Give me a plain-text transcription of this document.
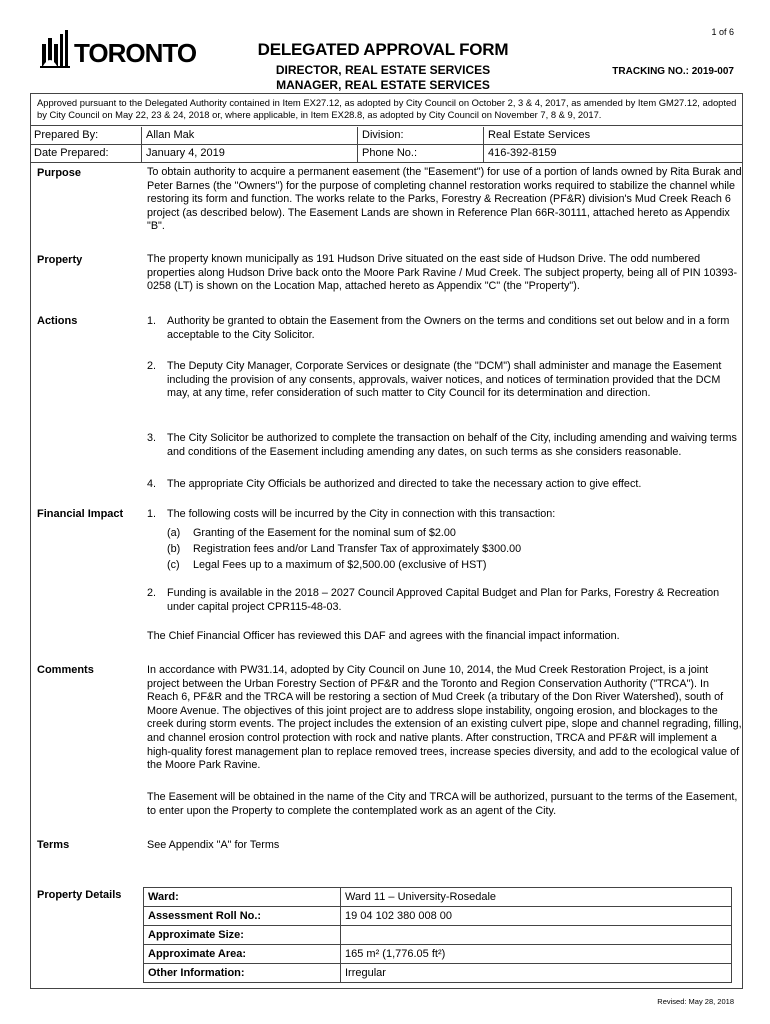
1 of 6
TORONTO	DELEGATED APPROVAL FORM
DIRECTOR, REAL ESTATE SERVICES
MANAGER, REAL ESTATE SERVICES
TRACKING NO.: 2019-007
Approved pursuant to the Delegated Authority contained in Item EX27.12, as adopted by City Council on October 2, 3 & 4, 2017, as amended by Item GM27.12, adopted by City Council on May 22, 23 & 24, 2018 or, where applicable, in Item EX28.8, as adopted by City Council on November 7, 8 & 9, 2017.
Prepared By:	Allan Mak	Division:	Real Estate Services
Date Prepared:	January 4, 2019	Phone No.:	416-392-8159
Purpose	To obtain authority to acquire a permanent easement (the "Easement") for use of a portion of lands owned by Rita Burak and Peter Barnes (the "Owners") for the purpose of completing channel restoration works required to stabilize the channel while restoring its form and function. The works relate to the Parks, Forestry & Recreation (PF&R) division's Mud Creek Reach 6 project (as described below). The Easement Lands are shown in Reference Plan 66R-30111, attached hereto as Appendix "B".
Property	The property known municipally as 191 Hudson Drive situated on the east side of Hudson Drive. The odd numbered properties along Hudson Drive back onto the Moore Park Ravine / Mud Creek. The subject property, being all of PIN 10393-0258 (LT) is shown on the Location Map, attached hereto as Appendix "C" (the "Property").
Actions	1.	Authority be granted to obtain the Easement from the Owners on the terms and conditions set out below and in a form acceptable to the City Solicitor.
2.	The Deputy City Manager, Corporate Services or designate (the "DCM") shall administer and manage the Easement including the provision of any consents, approvals, waiver notices, and notices of termination provided that the DCM may, at any time, refer consideration of such matter to City Council for its determination and direction.
3.	The City Solicitor be authorized to complete the transaction on behalf of the City, including amending and waiving terms and conditions of the Easement including amending any dates, on such terms as she considers reasonable.
4.	The appropriate City Officials be authorized and directed to take the necessary action to give effect.
Financial Impact 1.	The following costs will be incurred by the City in connection with this transaction:
(a)	Granting of the Easement for the nominal sum of $2.00
(b)	Registration fees and/or Land Transfer Tax of approximately $300.00
(c)	Legal Fees up to a maximum of $2,500.00 (exclusive of HST)
2.	Funding is available in the 2018 – 2027 Council Approved Capital Budget and Plan for Parks, Forestry & Recreation under capital project CPR115-48-03.
The Chief Financial Officer has reviewed this DAF and agrees with the financial impact information.
Comments	In accordance with PW31.14, adopted by City Council on June 10, 2014, the Mud Creek Restoration Project, is a joint project between the Urban Forestry Section of PF&R and the Toronto and Region Conservation Authority ("TRCA"). In Reach 6, PF&R and the TRCA will be restoring a section of Mud Creek (a tributary of the Don River Watershed), south of Moore Avenue. The objectives of this joint project are to address slope instability, ongoing erosion, and blockages to the creek during storm events. The project includes the extension of an existing culvert pipe, slope and channel regrading, filling, and channel erosion control protection with rock and native plants. After construction, TRCA and PF&R will implement a high-quality forest management plan to replace removed trees, increase species diversity, and add to the ecological value of the Moore Park Ravine.
The Easement will be obtained in the name of the City and TRCA will be authorized, pursuant to the terms of the Easement, to enter upon the Property to complete the contemplated work as an agent of the City.
Terms	See Appendix "A" for Terms
Property Details Ward:	Ward 11 – University-Rosedale
Assessment Roll No.:	19 04 102 380 008 00
Approximate Size:	
Approximate Area:	165 m² (1,776.05 ft²)
Other Information:	Irregular
Revised: May 28, 2018
